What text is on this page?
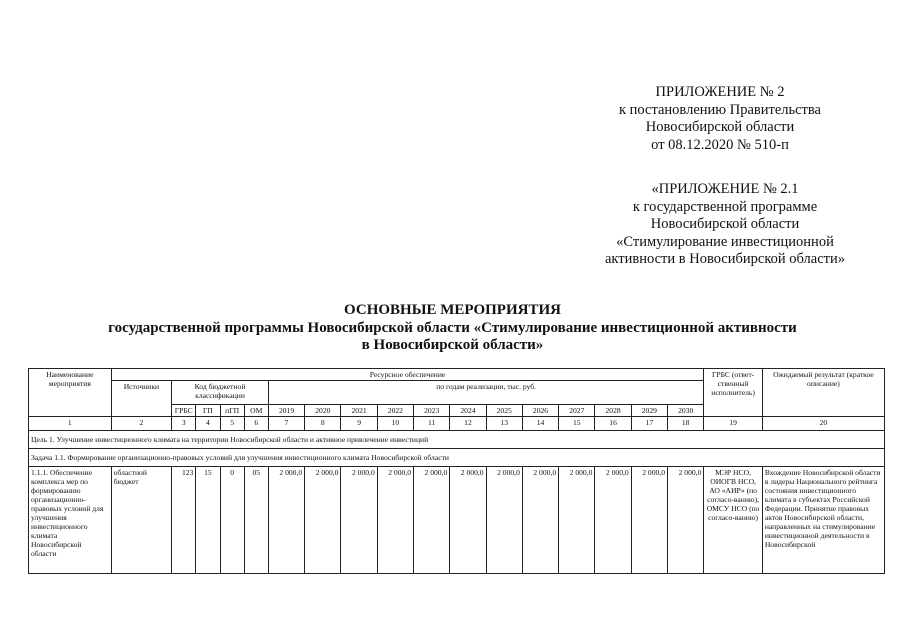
ПРИЛОЖЕНИЕ № 2
к постановлению Правительства
Новосибирской области
от 08.12.2020 № 510-п
«ПРИЛОЖЕНИЕ № 2.1
к государственной программе
Новосибирской области
«Стимулирование инвестиционной
активности в Новосибирской области»
ОСНОВНЫЕ МЕРОПРИЯТИЯ
государственной программы Новосибирской области «Стимулирование инвестиционной активности
в Новосибирской области»
Наименование мероприятия	Ресурсное обеспечение																	ГРБС (ответ-ственный исполнитель)	Ожидаемый результат (краткое описание)
	Источники	Код бюджетной классификации				по годам реализации, тыс. руб.													
		ГРБС	ГП	пГП	ОМ	2019	2020	2021	2022	2023	2024	2025	2026	2027	2028	2029	2030		
1	2	3	4	5	6	7	8	9	10	11	12	13	14	15	16	17	18	19	20
Цель 1. Улучшение инвестиционного климата на территории Новосибирской области и активное привлечение инвестиций																			
Задача 1.1. Формирование организационно-правовых условий для улучшения инвестиционного климата Новосибирской области																			
1.1.1. Обеспечение комплекса мер по формированию организационно-правовых условий для улучшения инвестиционного климата Новосибирской области	областной бюджет	123	15	0	05	2 000,0	2 000,0	2 000,0	2 000,0	2 000,0	2 000,0	2 000,0	2 000,0	2 000,0	2 000,0	2 000,0	2 000,0	МЭР НСО, ОИОГВ НСО, АО «АИР» (по согласо-ванию), ОМСУ НСО (по согласо-ванию)	Вхождение Новосибирской области в лидеры Национального рейтинга состояния инвестиционного климата в субъектах Российской Федерации. Принятие правовых актов Новосибирской области, направленных на стимулирование инвестиционной деятельности в Новосибирской
